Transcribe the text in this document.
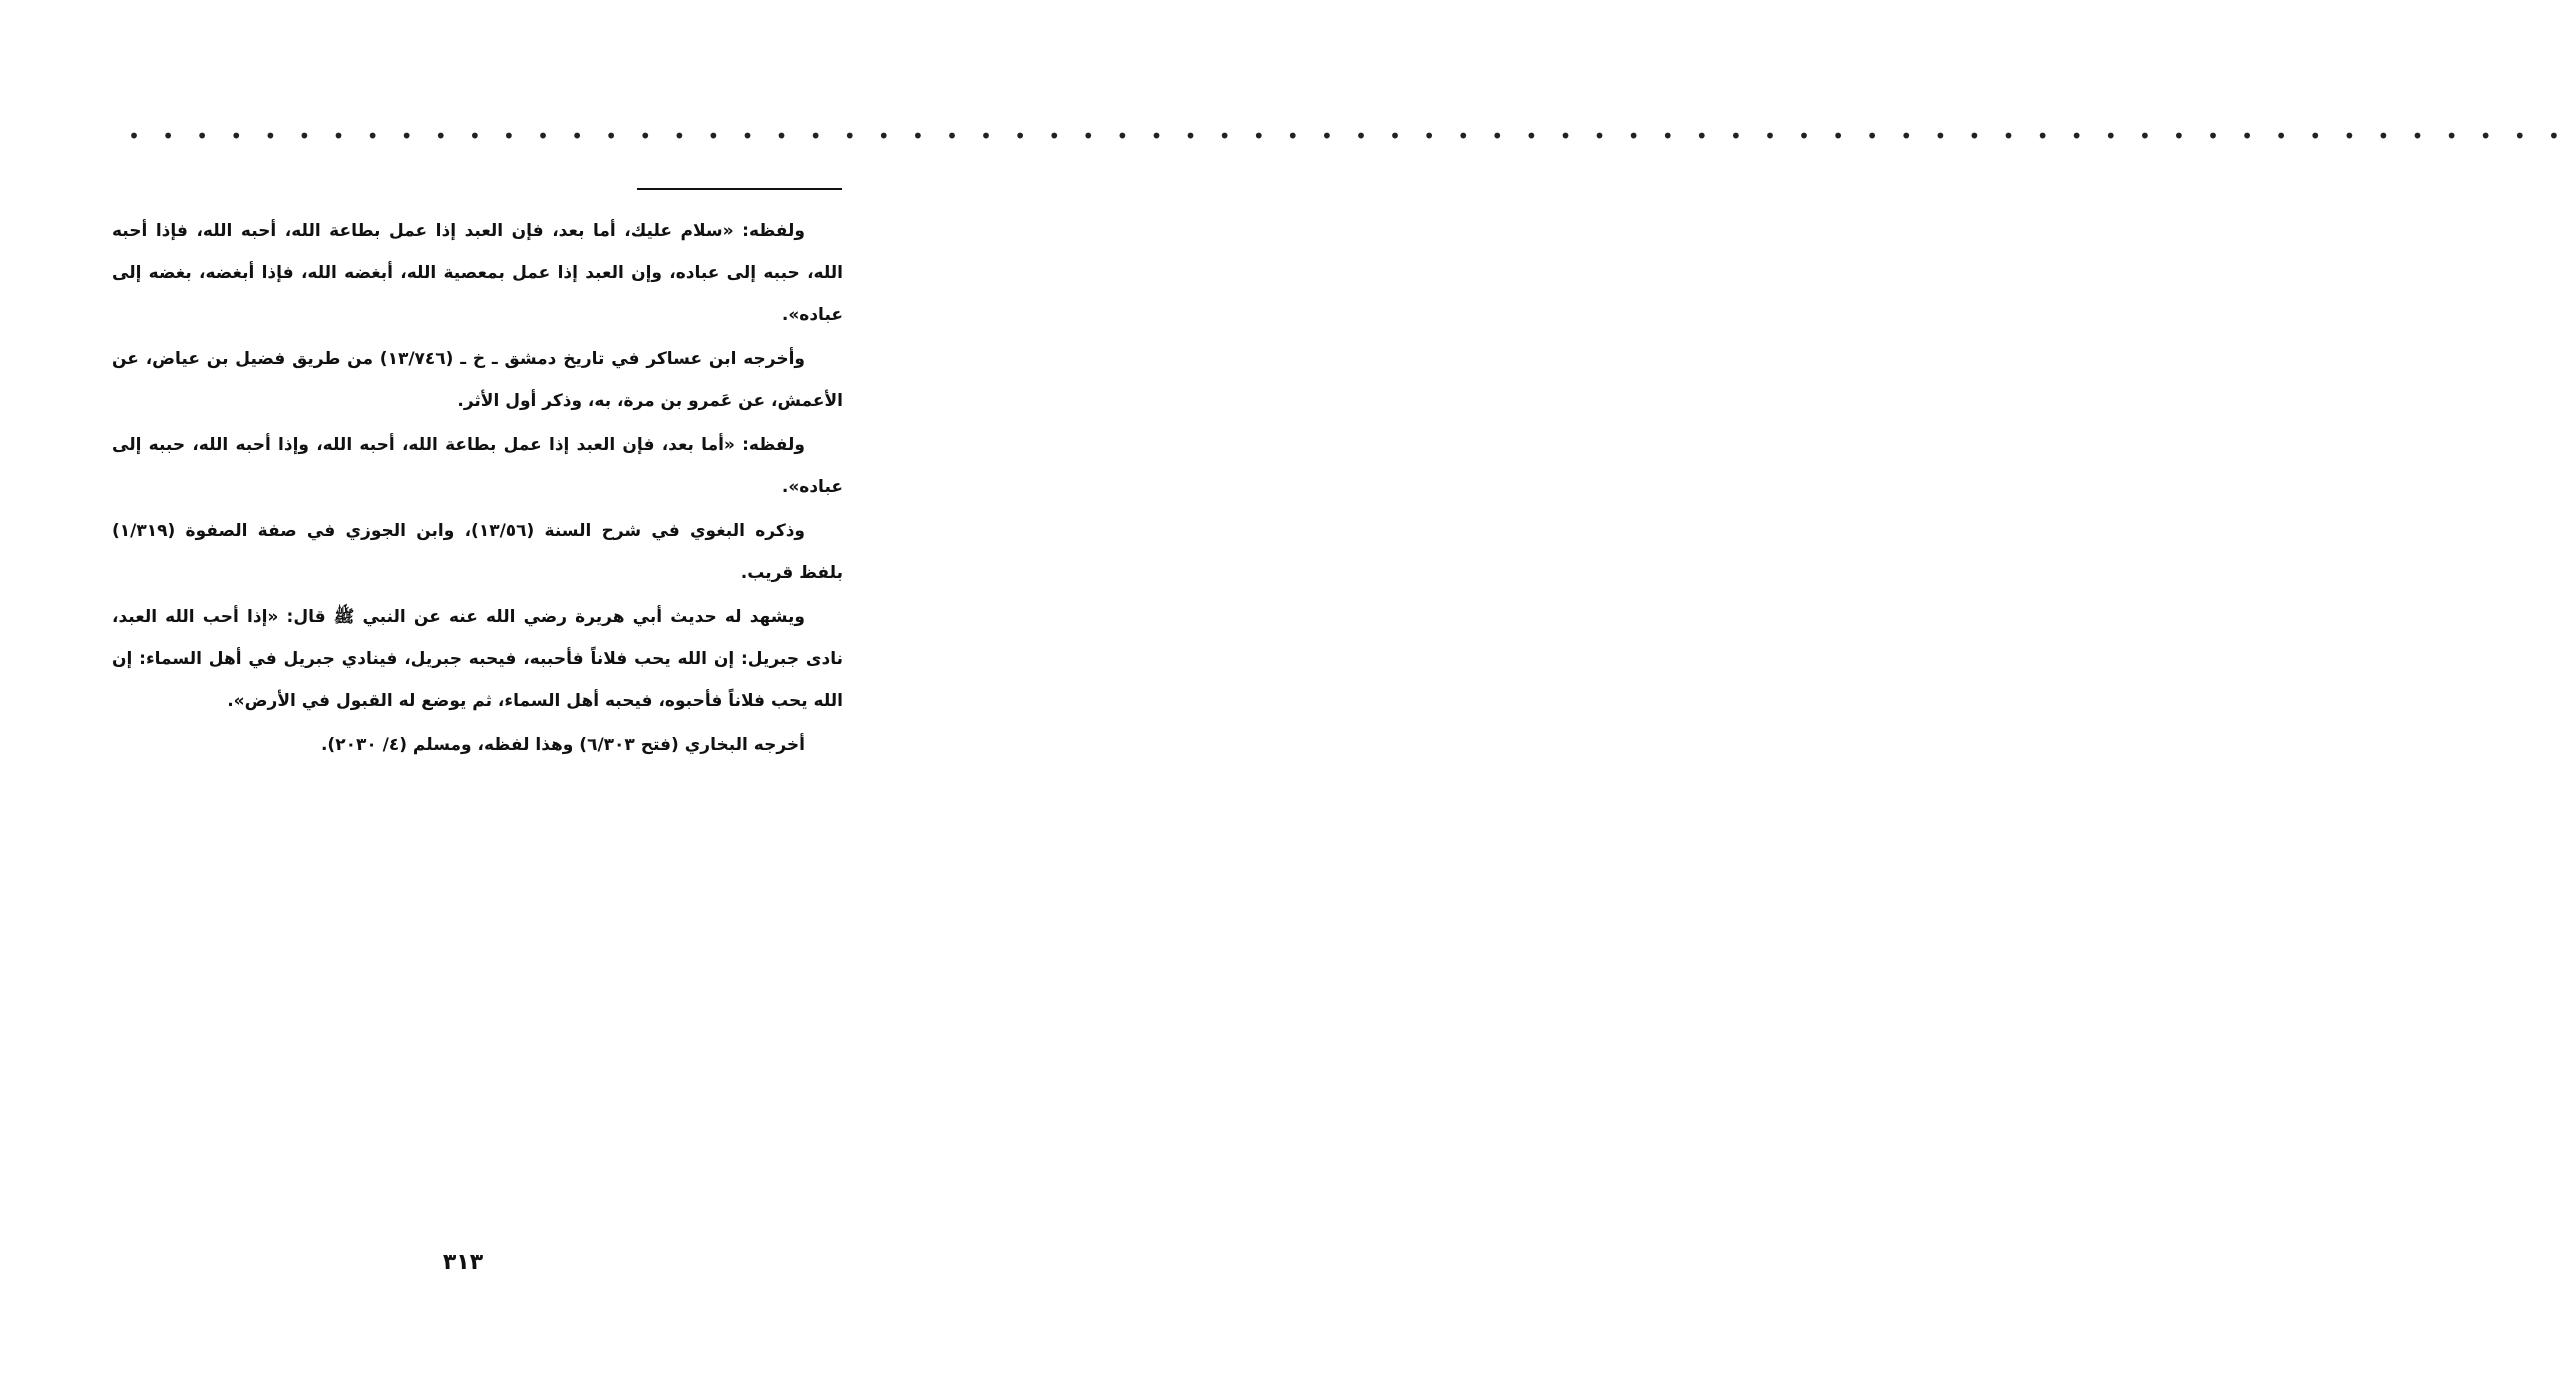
• • • • • • • • • • • • • • • • • • • • • • • • • • • • • • • • • • • • • • • • • • • • • • • • • • • • • • • • • • • • • • • • • • • • • • • •

ولفظه: «سلام عليك، أما بعد، فإن العبد إذا عمل بطاعة الله، أحبه الله، فإذا أحبه الله، حببه إلى عباده، وإن العبد إذا عمل بمعصية الله، أبغضه الله، فإذا أبغضه، بغضه إلى عباده».

وأخرجه ابن عساكر في تاريخ دمشق ـ خ ـ (١٣/٧٤٦) من طريق فضيل بن عياض، عن الأعمش، عن عَمرو بن مرة، به، وذكر أول الأثر.

ولفظه: «أما بعد، فإن العبد إذا عمل بطاعة الله، أحبه الله، وإذا أحبه الله، حببه إلى عباده».

وذكره البغوي في شرح السنة (١٣/٥٦)، وابن الجوزي في صفة الصفوة (١/٣١٩) بلفظ قريب.

ويشهد له حديث أبي هريرة رضي الله عنه عن النبي ﷺ قال: «إذا أحب الله العبد، نادى جبريل: إن الله يحب فلاناً فأحببه، فيحبه جبريل، فينادي جبريل في أهل السماء: إن الله يحب فلاناً فأحبوه، فيحبه أهل السماء، ثم يوضع له القبول في الأرض».

أخرجه البخاري (فتح ٦/٣٠٣) وهذا لفظه، ومسلم (٤/ ٢٠٣٠).

٣١٣
